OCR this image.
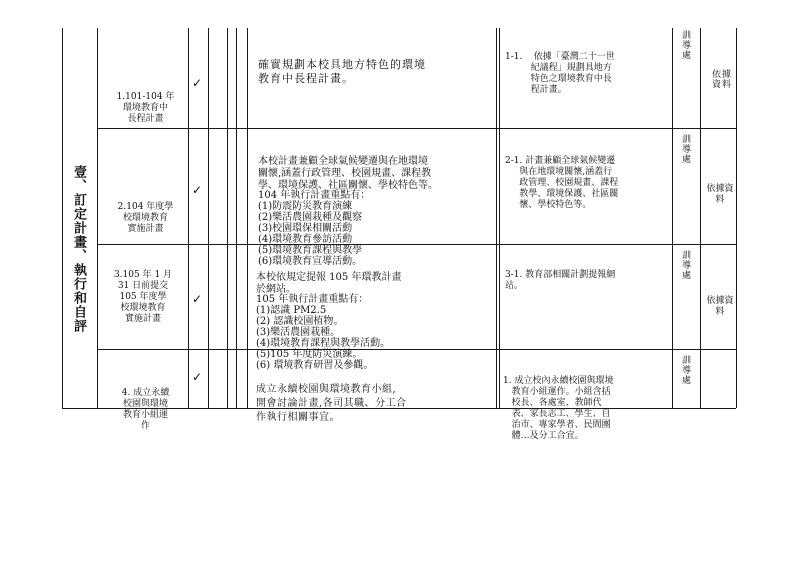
壹、訂定計畫、執行和自評

1.101-104 年
環境教育中
長程計畫

✓

確實規劃本校具地方特色的環境
教育中長程計畫。

1-1.    依據「臺灣二十一世
紀議程」規劃具地方
特色之環境教育中長
程計畫。

訓導處
依據資料

2.104 年度學
校環境教育
實施計畫

✓

本校計畫兼顧全球氣候變遷與在地環境
關懷,涵蓋行政管理、校園規畫、課程教
學、環境保護、社區關懷、學校特色等。

104 年執行計畫重點有：
(1)防震防災教育演練
(2)樂活農園栽種及觀察
(3)校園環保相關活動
(4)環境教育參訪活動
(5)環境教育課程與教學
(6)環境教育宣導活動。

2-1. 計畫兼顧全球氣候變遷
與在地環境關懷,涵蓋行
政管理、校園規畫、課程
教學、環境保護、社區關
懷、學校特色等。

訓導處
依據資料

3.105 年 1 月
31 日前提交
105 年度學
校環境教育
實施計畫

✓

本校依規定提報 105 年環教計畫
於網站。

105 年執行計畫重點有：
(1)認識 PM2.5
(2) 認識校園植物。
(3)樂活農園栽種。
(4)環境教育課程與教學活動。
(5)105 年度防災演練。
(6) 環境教育研習及參觀。

3-1. 教育部相關計劃提報網
站。

訓導處
依據資料

4. 成立永續
校園與環境
教育小組運
作

✓

成立永續校園與環境教育小組,
開會討論計畫,各司其職、分工合
作執行相關事宜。

1. 成立校內永續校園與環境
教育小組運作。小組含括
校長、各處室、教師代
表、家長志工、學生、自
治市、專家學者、民間團
體…及分工合宜。

訓導處
